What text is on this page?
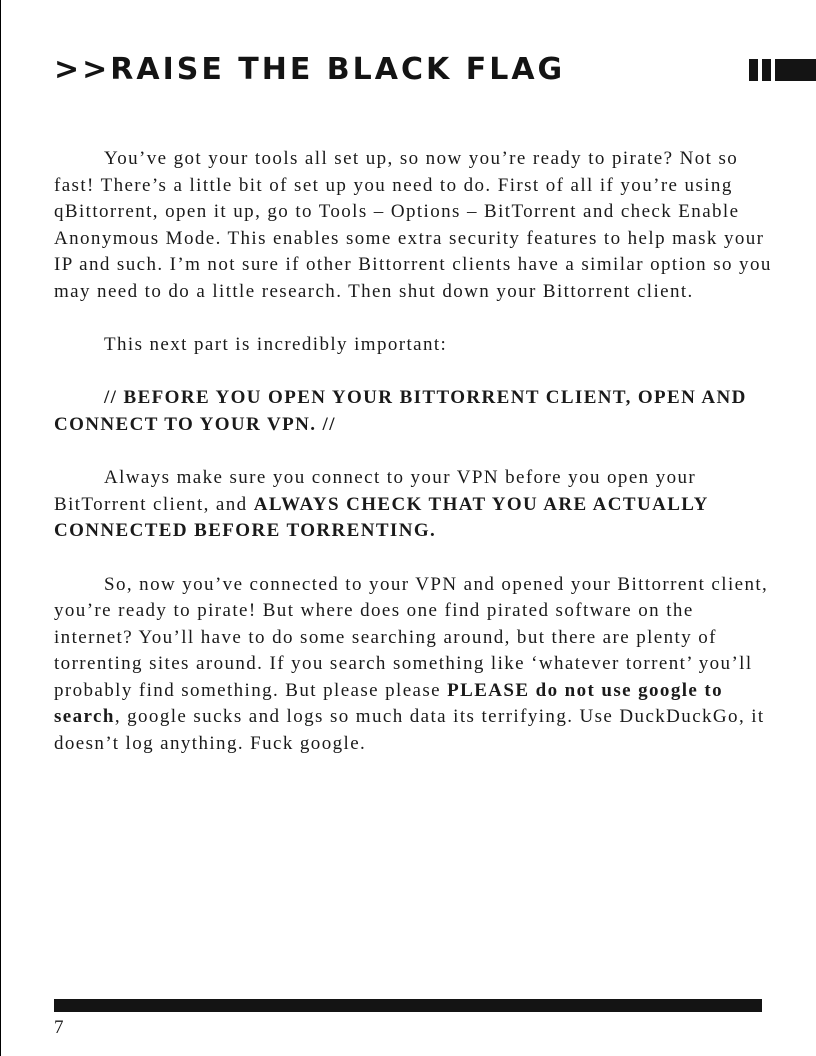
>>RAISE THE BLACK FLAG

You’ve got your tools all set up, so now you’re ready to pirate? Not so fast! There’s a little bit of set up you need to do. First of all if you’re using qBittorrent, open it up, go to Tools – Options – BitTorrent and check Enable Anonymous Mode. This enables some extra security features to help mask your IP and such. I’m not sure if other Bittorrent clients have a similar option so you may need to do a little research. Then shut down your Bittorrent client.

This next part is incredibly important:

// BEFORE YOU OPEN YOUR BITTORRENT CLIENT, OPEN AND CONNECT TO YOUR VPN. //

Always make sure you connect to your VPN before you open your BitTorrent client, and ALWAYS CHECK THAT YOU ARE ACTUALLY CONNECTED BEFORE TORRENTING.

So, now you’ve connected to your VPN and opened your Bittorrent client, you’re ready to pirate! But where does one find pirated software on the internet? You’ll have to do some searching around, but there are plenty of torrenting sites around. If you search something like ‘whatever torrent’ you’ll probably find something. But please please PLEASE do not use google to search, google sucks and logs so much data its terrifying. Use DuckDuckGo, it doesn’t log anything. Fuck google.

7
